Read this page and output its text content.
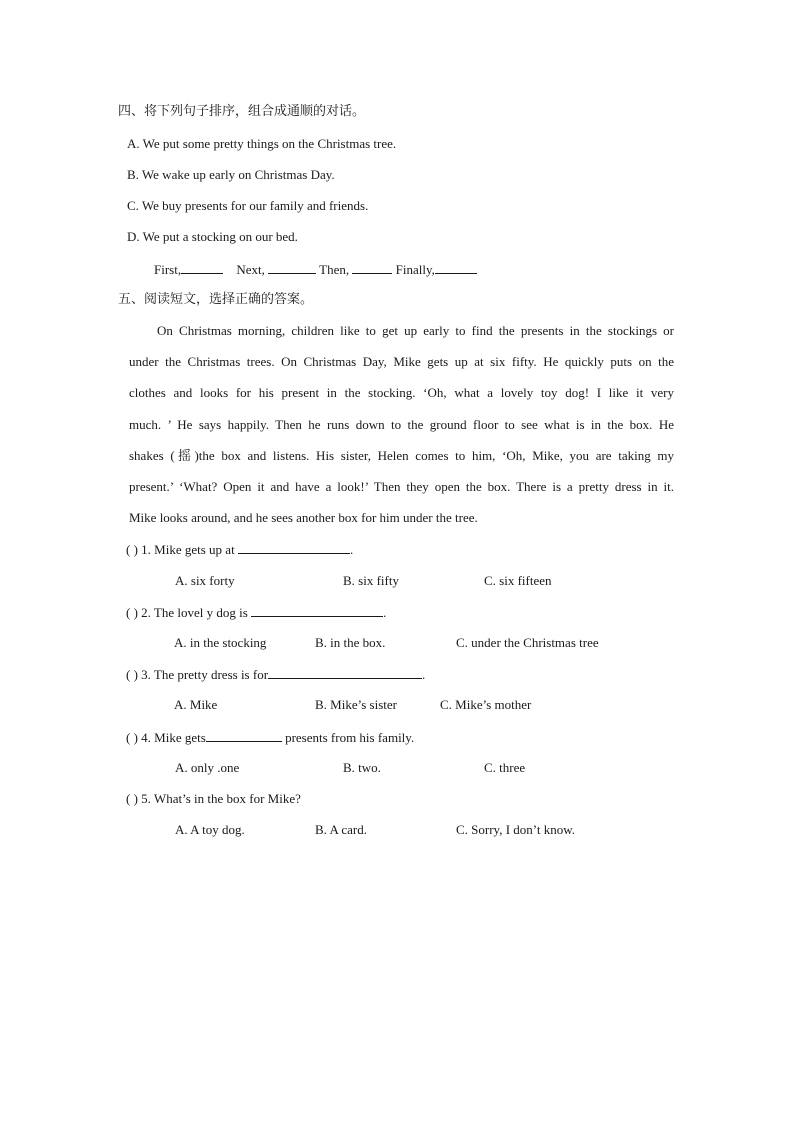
四、将下列句子排序，组合成通顺的对话。
A. We put some pretty things on the Christmas tree.
B. We wake up early on Christmas Day.
C. We buy presents for our family and friends.
D. We put a stocking on our bed.
First,	Next,	Then,	Finally,
五、阅读短文，选择正确的答案。
On Christmas morning, children like to get up early to find the presents in the stockings or
under the Christmas trees. On Christmas Day, Mike gets up at six fifty. He quickly puts on the
clothes and looks for his present in the stocking. ‘Oh, what a lovely toy dog! I like it very
much. ’ He says happily. Then he runs down to the ground floor to see what is in the box. He
shakes (摇)the box and listens. His sister, Helen comes to him, ‘Oh, Mike, you are taking my
present.’ ‘What? Open it and have a look!’ Then they open the box. There is a pretty dress in it.
Mike looks around, and he sees another box for him under the tree.
( ) 1. Mike gets up at	.
A. six forty	B. six fifty	C. six fifteen
( ) 2. The lovel y dog is	.
A. in the stocking	B. in the box.	C. under the Christmas tree
( ) 3. The pretty dress is for	.
A. Mike	B. Mike’s sister	C. Mike’s mother
( ) 4. Mike gets	presents from his family.
A. only .one	B. two.	C. three
( ) 5. What’s in the box for Mike?
A. A toy dog.	B. A card.	C. Sorry, I don’t know.
